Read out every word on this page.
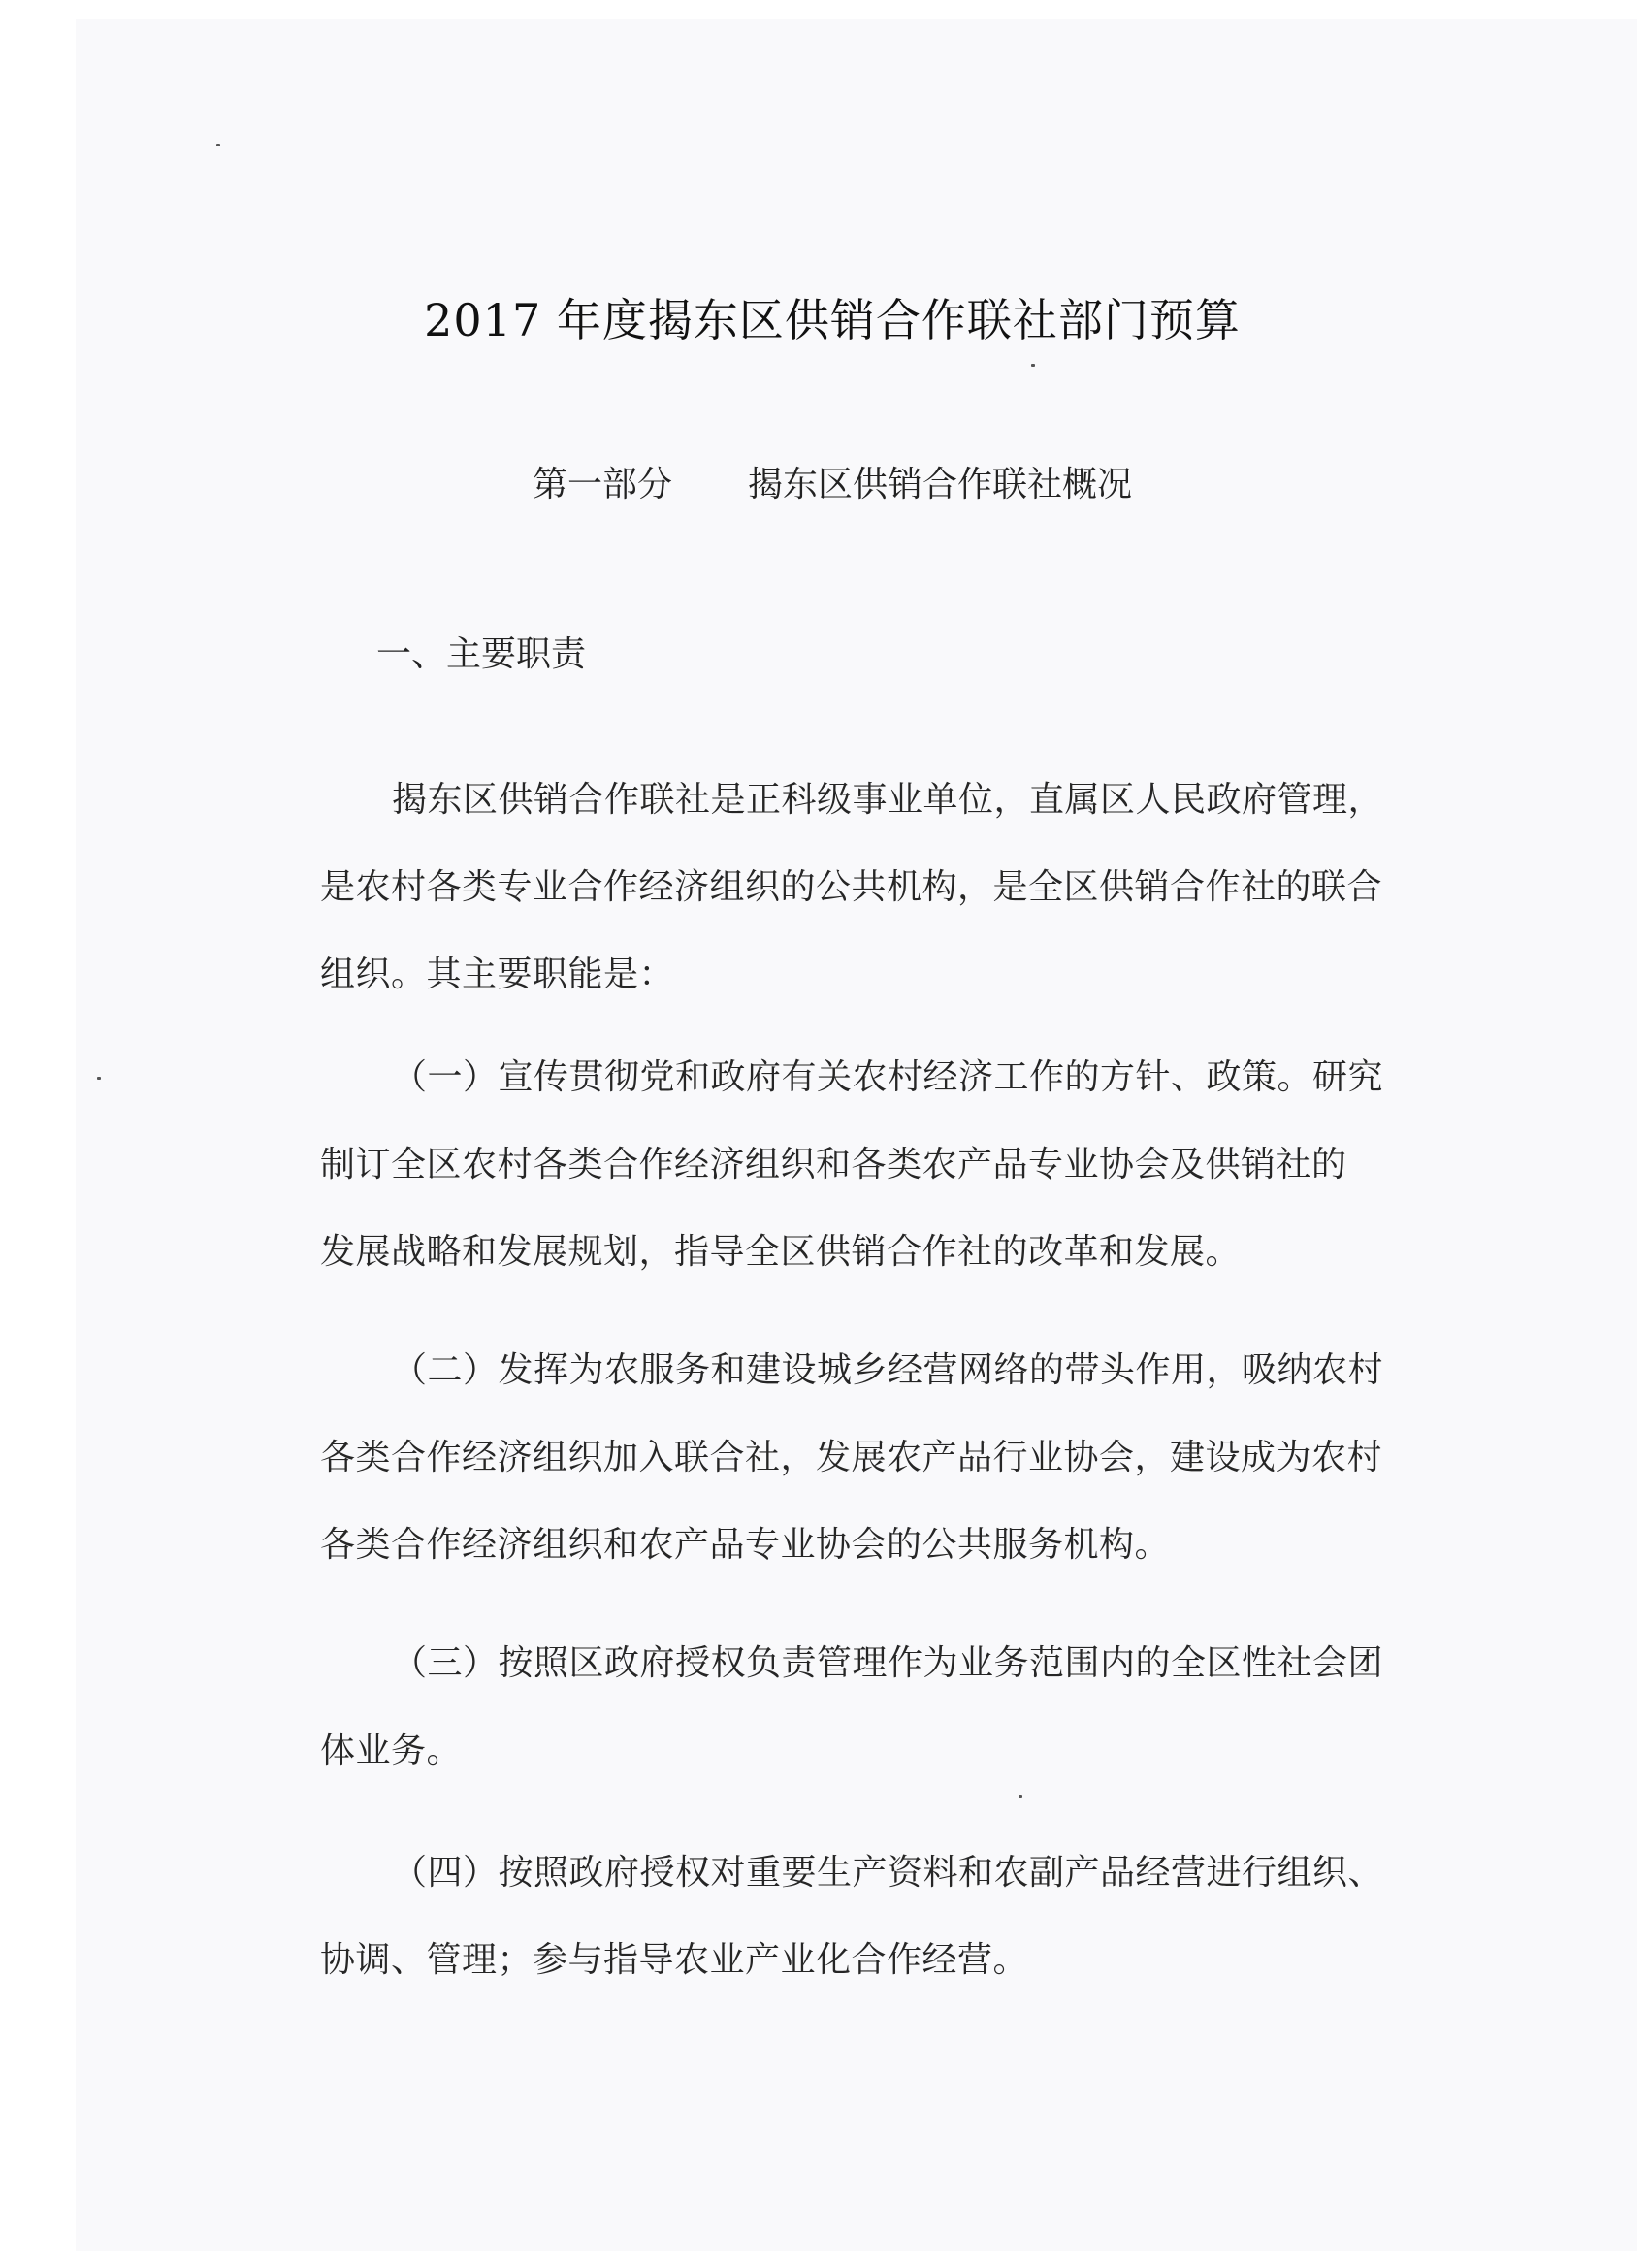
2017 年度揭东区供销合作联社部门预算
第一部分 揭东区供销合作联社概况
一、主要职责

揭东区供销合作联社是正科级事业单位，直属区人民政府管理，
是农村各类专业合作经济组织的公共机构，是全区供销合作社的联合
组织。其主要职能是：

（一）宣传贯彻党和政府有关农村经济工作的方针、政策。研究
制订全区农村各类合作经济组织和各类农产品专业协会及供销社的
发展战略和发展规划，指导全区供销合作社的改革和发展。

（二）发挥为农服务和建设城乡经营网络的带头作用，吸纳农村
各类合作经济组织加入联合社，发展农产品行业协会，建设成为农村
各类合作经济组织和农产品专业协会的公共服务机构。

（三）按照区政府授权负责管理作为业务范围内的全区性社会团
体业务。

（四）按照政府授权对重要生产资料和农副产品经营进行组织、
协调、管理；参与指导农业产业化合作经营。
